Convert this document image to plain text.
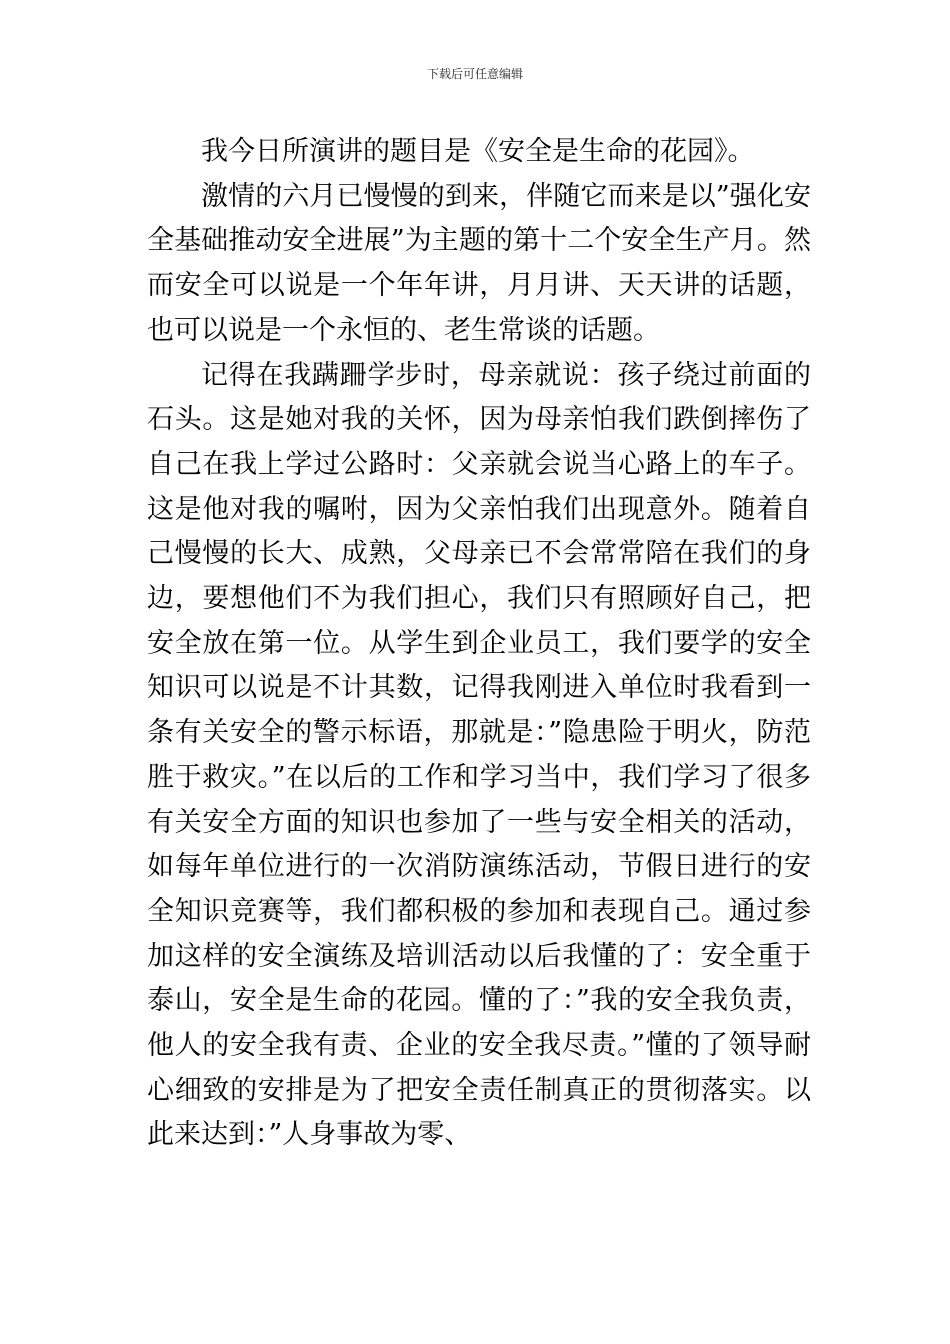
下载后可任意编辑

我今日所演讲的题目是《安全是生命的花园》。

激情的六月已慢慢的到来，伴随它而来是以”强化安全基础推动安全进展”为主题的第十二个安全生产月。然而安全可以说是一个年年讲，月月讲、天天讲的话题，也可以说是一个永恒的、老生常谈的话题。

记得在我蹒跚学步时，母亲就说：孩子绕过前面的石头。这是她对我的关怀，因为母亲怕我们跌倒摔伤了自己在我上学过公路时：父亲就会说当心路上的车子。这是他对我的嘱咐，因为父亲怕我们出现意外。随着自己慢慢的长大、成熟，父母亲已不会常常陪在我们的身边，要想他们不为我们担心，我们只有照顾好自己，把安全放在第一位。从学生到企业员工，我们要学的安全知识可以说是不计其数，记得我刚进入单位时我看到一条有关安全的警示标语，那就是：”隐患险于明火，防范胜于救灾。”在以后的工作和学习当中，我们学习了很多有关安全方面的知识也参加了一些与安全相关的活动，如每年单位进行的一次消防演练活动，节假日进行的安全知识竞赛等，我们都积极的参加和表现自己。通过参加这样的安全演练及培训活动以后我懂的了：安全重于泰山，安全是生命的花园。懂的了：”我的安全我负责，他人的安全我有责、企业的安全我尽责。”懂的了领导耐心细致的安排是为了把安全责任制真正的贯彻落实。以此来达到：”人身事故为零、
